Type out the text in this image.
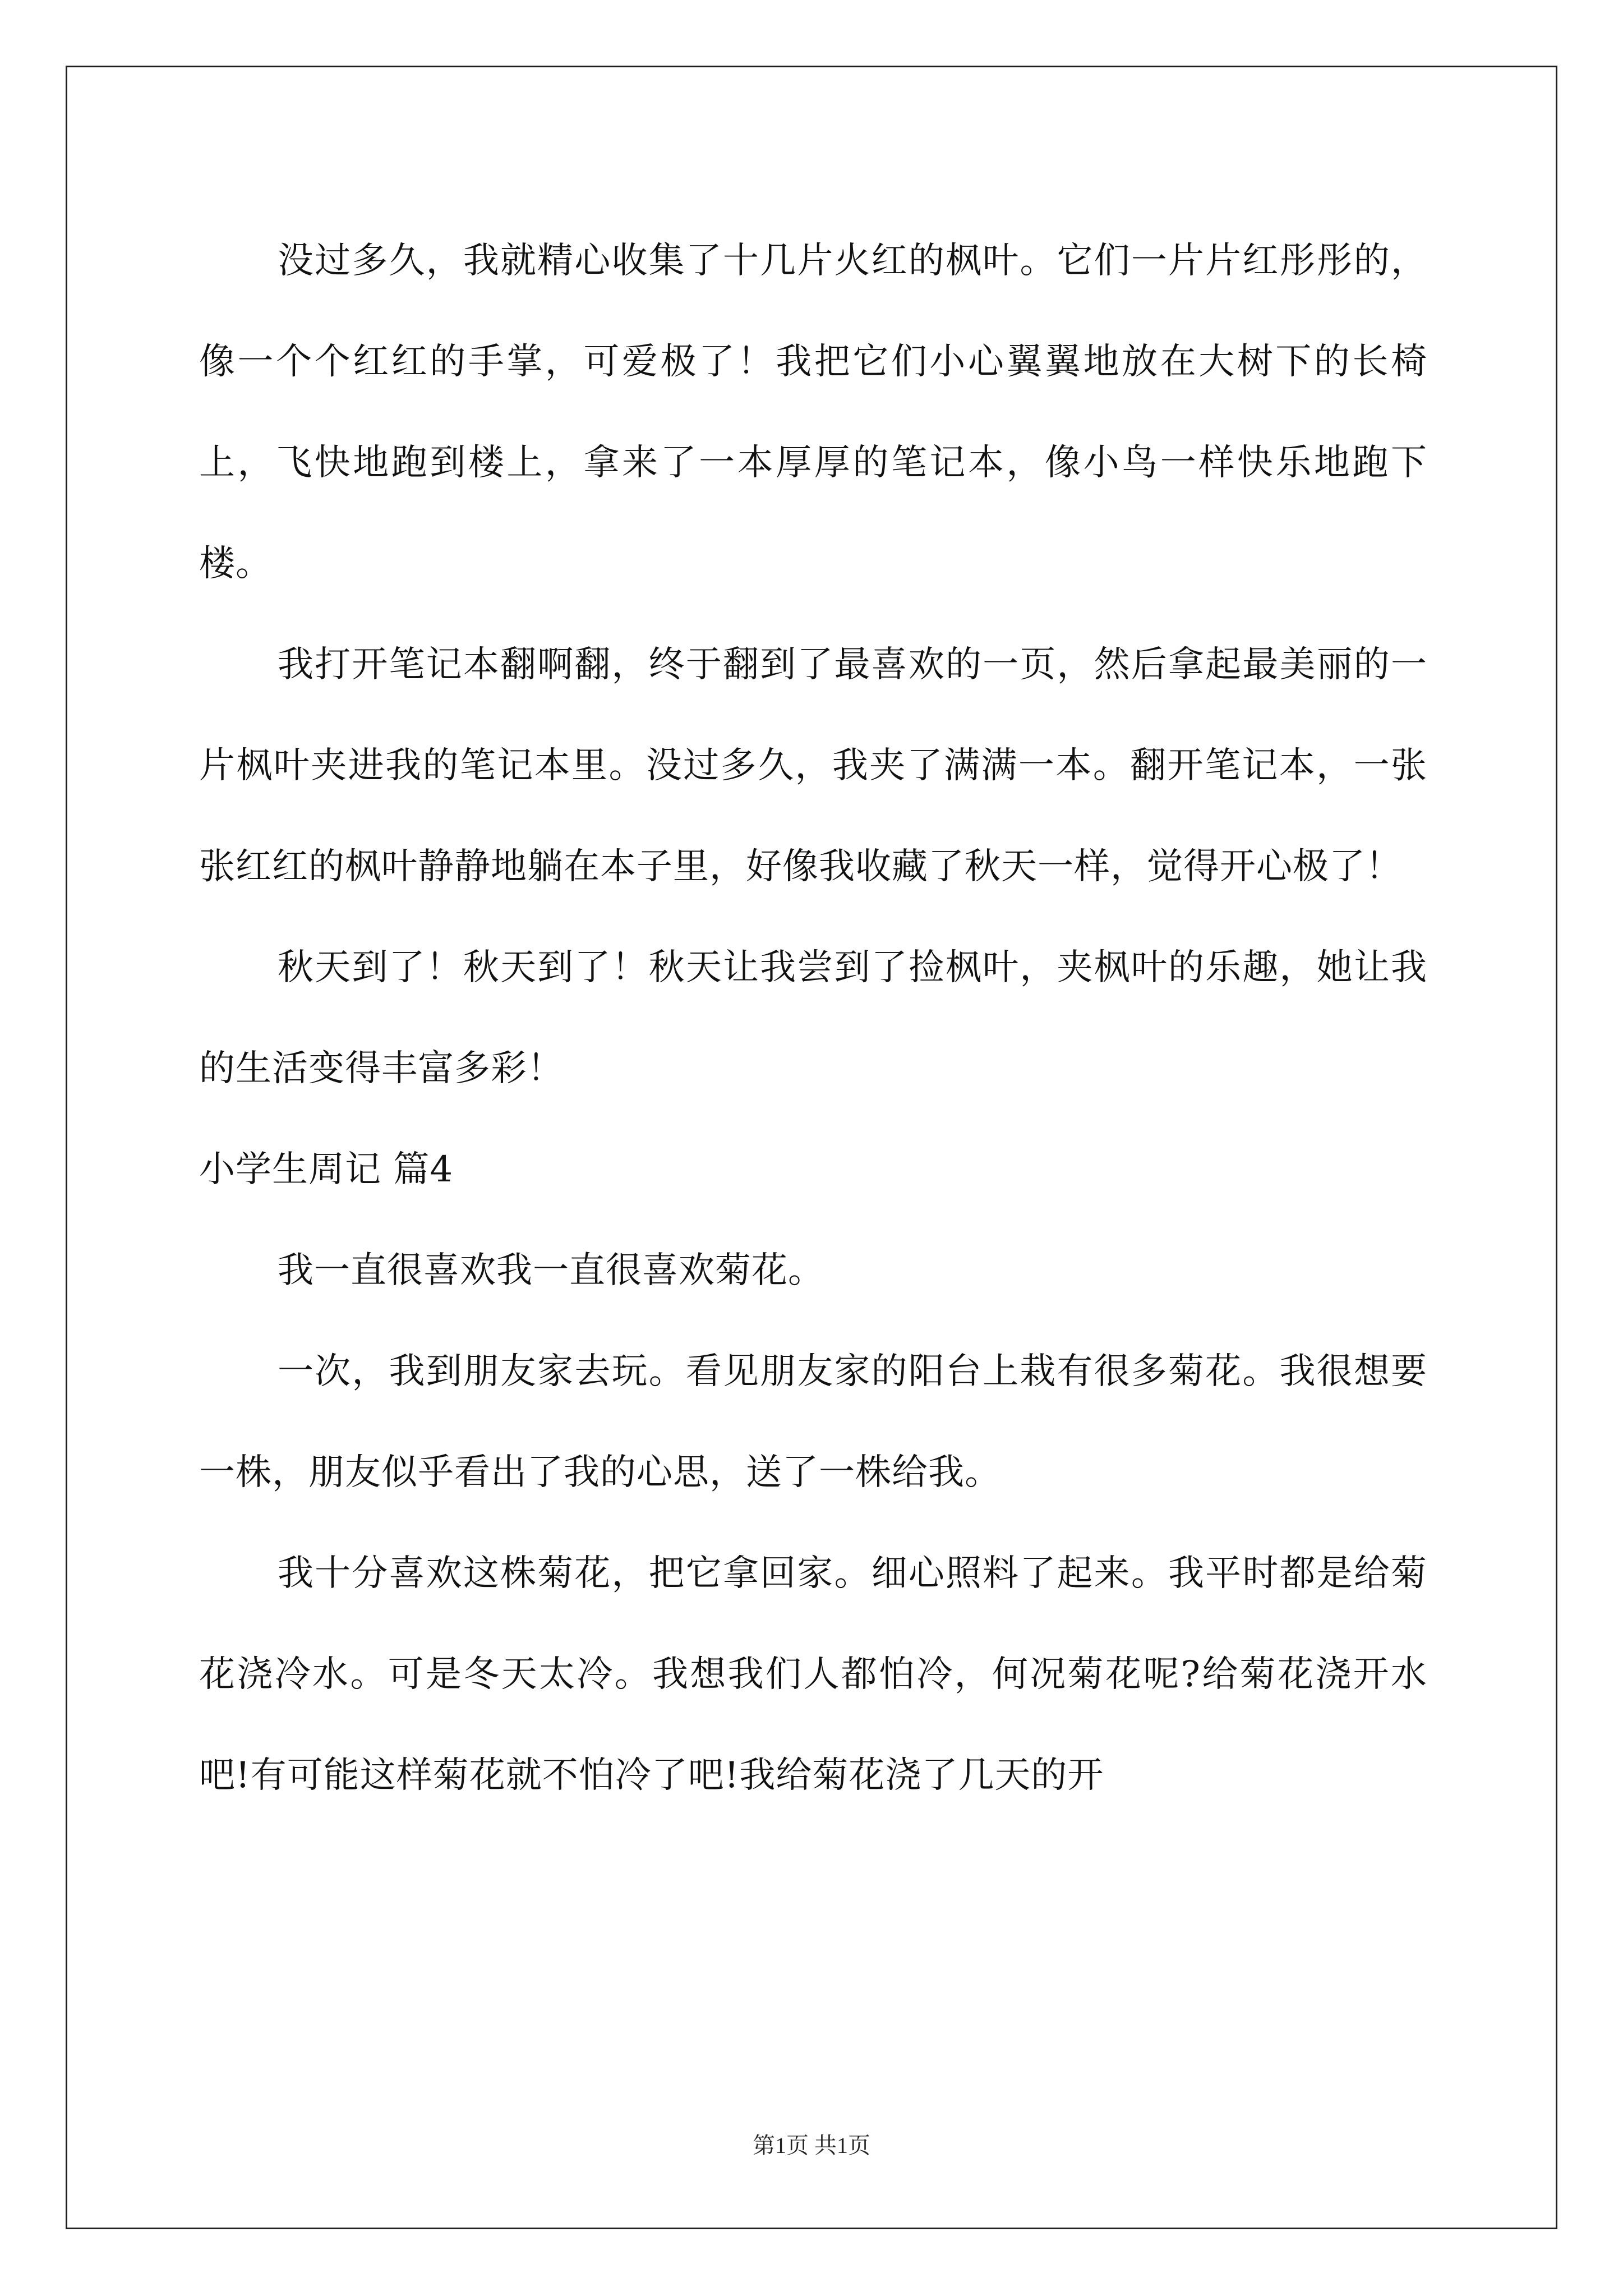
没过多久，我就精心收集了十几片火红的枫叶。它们一片片红彤彤的，像一个个红红的手掌，可爱极了！我把它们小心翼翼地放在大树下的长椅上，飞快地跑到楼上，拿来了一本厚厚的笔记本，像小鸟一样快乐地跑下楼。

我打开笔记本翻啊翻，终于翻到了最喜欢的一页，然后拿起最美丽的一片枫叶夹进我的笔记本里。没过多久，我夹了满满一本。翻开笔记本，一张张红红的枫叶静静地躺在本子里，好像我收藏了秋天一样，觉得开心极了！

秋天到了！秋天到了！秋天让我尝到了捡枫叶，夹枫叶的乐趣，她让我的生活变得丰富多彩！

小学生周记 篇4

我一直很喜欢我一直很喜欢菊花。

一次，我到朋友家去玩。看见朋友家的阳台上栽有很多菊花。我很想要一株，朋友似乎看出了我的心思，送了一株给我。

我十分喜欢这株菊花，把它拿回家。细心照料了起来。我平时都是给菊花浇冷水。可是冬天太冷。我想我们人都怕冷，何况菊花呢?给菊花浇开水吧!有可能这样菊花就不怕冷了吧!我给菊花浇了几天的开

第1页 共1页
